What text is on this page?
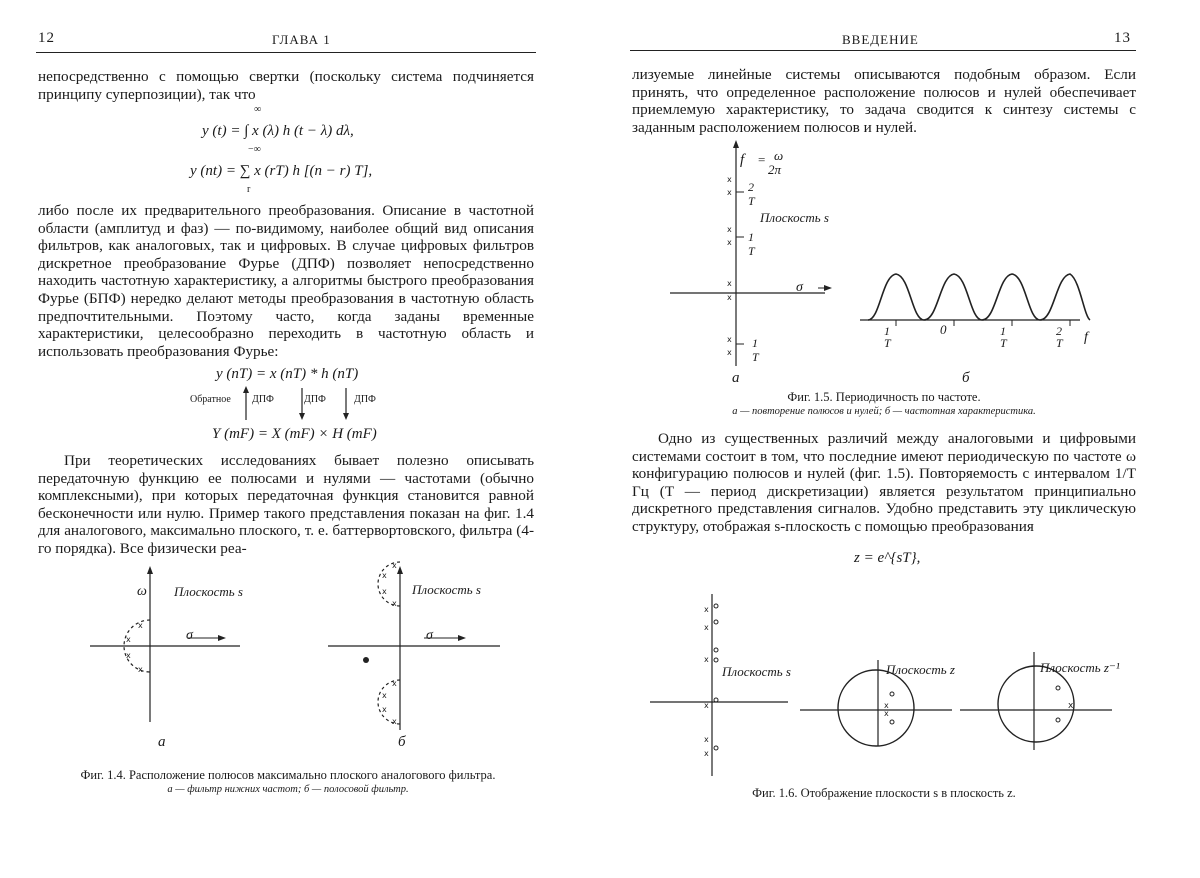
12	ГЛАВА 1

непосредственно с помощью свертки (поскольку система подчиняется принципу суперпозиции), так что

y (t) = ∫ x (λ) h (t − λ) dλ,
∞
−∞
y (nt) = ∑ x (rT) h [(n − r) T],
r

либо после их предварительного преобразования. Описание в частотной области (амплитуд и фаз) — по-видимому, наиболее общий вид описания фильтров, как аналоговых, так и цифровых. В случае цифровых фильтров дискретное преобразование Фурье (ДПФ) позволяет непосредственно находить частотную характеристику, а алгоритмы быстрого преобразования Фурье (БПФ) нередко делают методы преобразования в частотную область предпочтительными. Поэтому часто, когда заданы временные характеристики, целесообразно переходить в частотную область и использовать преобразования Фурье:

y (nT) = x (nT) * h (nT)
Обратное ДПФ	ДПФ	ДПФ
Y (mF) = X (mF) × H (mF)

При теоретических исследованиях бывает полезно описывать передаточную функцию ее полюсами и нулями — частотами (обычно комплексными), при которых передаточная функция становится равной бесконечности или нулю. Пример такого представления показан на фиг. 1.4 для аналогового, максимально плоского, т. е. баттервортовского, фильтра (4-го порядка). Все физически реа-

x
x
x
x
x
x
x
x
x
x
x
x
Плоскость s
ω
σ
Плоскость s
σ
а	б
Фиг. 1.4. Расположение полюсов максимально плоского аналогового фильтра.
а — фильтр нижних частот; б — полосовой фильтр.
ВВЕДЕНИЕ	13

лизуемые линейные системы описываются подобным образом. Если принять, что определенное расположение полюсов и нулей обеспечивает приемлемую характеристику, то задача сводится к синтезу системы с заданным расположением полюсов и нулей.

x
x
x
x
x
x
x
x
f = ω
2π
2
T
Плоскость s
1
T
σ
1
T
1
T
0	1
T
2
T f
а	б
Фиг. 1.5. Периодичность по частоте.
а — повторение полюсов и нулей; б — частотная характеристика.

Одно из существенных различий между аналоговыми и цифровыми системами состоит в том, что последние имеют периодическую по частоте ω конфигурацию полюсов и нулей (фиг. 1.5). Повторяемость с интервалом 1/T Гц (T — период дискретизации) является результатом принципиально дискретного представления сигналов. Удобно представить эту циклическую структуру, отображая s-плоскость с помощью преобразования

z = e^{sT},
x
x
x
x
x
x
x
x
x
Плоскость s	Плоскость z	Плоскость z⁻¹
Фиг. 1.6. Отображение плоскости s в плоскость z.
